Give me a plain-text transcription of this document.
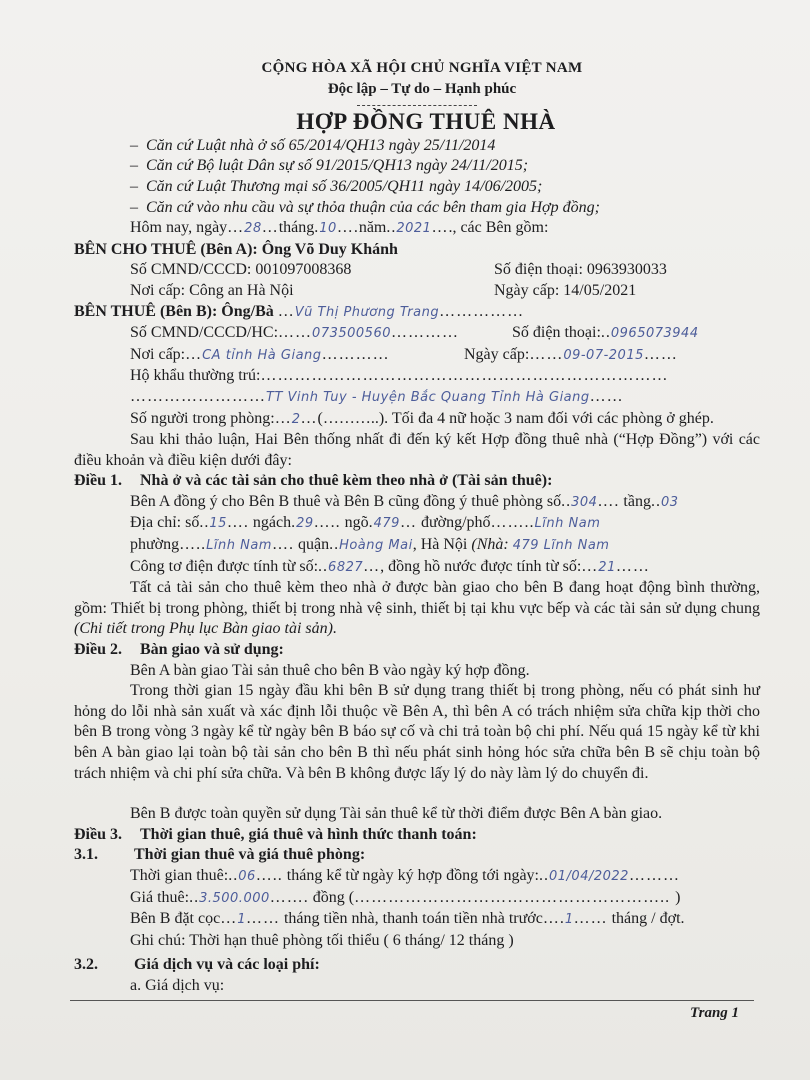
CỘNG HÒA XÃ HỘI CHỦ NGHĨA VIỆT NAM
Độc lập – Tự do – Hạnh phúc
HỢP ĐỒNG THUÊ NHÀ
– Căn cứ Luật nhà ở số 65/2014/QH13 ngày 25/11/2014
– Căn cứ Bộ luật Dân sự số 91/2015/QH13 ngày 24/11/2015;
– Căn cứ Luật Thương mại số 36/2005/QH11 ngày 14/06/2005;
– Căn cứ vào nhu cầu và sự thỏa thuận của các bên tham gia Hợp đồng;
Hôm nay, ngày…28…tháng.10….năm..2021…., các Bên gồm:
BÊN CHO THUÊ (Bên A): Ông Võ Duy Khánh
Số CMND/CCCD: 001097008368	Số điện thoại: 0963930033
Nơi cấp: Công an Hà Nội	Ngày cấp: 14/05/2021
BÊN THUÊ (Bên B): Ông/Bà …Vũ Thị Phương Trang……………
Số CMND/CCCD/HC:……073500560…………	Số điện thoại:..0965073944
Nơi cấp:…CA tỉnh Hà Giang…………	Ngày cấp:……09-07-2015……
Hộ khẩu thường trú:………………………………………………………………
……………………TT Vinh Tuy - Huyện Bắc Quang Tỉnh Hà Giang……
Số người trong phòng:…2…(………..). Tối đa 4 nữ hoặc 3 nam đối với các phòng ở ghép.
Sau khi thảo luận, Hai Bên thống nhất đi đến ký kết Hợp đồng thuê nhà (“Hợp Đồng”) với các điều khoản và điều kiện dưới đây:
Điều 1. Nhà ở và các tài sản cho thuê kèm theo nhà ở (Tài sản thuê):
Bên A đồng ý cho Bên B thuê và Bên B cũng đồng ý thuê phòng số..304…. tầng..03
Địa chỉ: số..15…. ngách.29….. ngõ.479… đường/phố……..Lĩnh Nam
phường…..Lĩnh Nam…. quận..Hoàng Mai, Hà Nội (Nhà: 479 Lĩnh Nam
Công tơ điện được tính từ số:..6827…, đồng hồ nước được tính từ số:…21……
Tất cả tài sản cho thuê kèm theo nhà ở được bàn giao cho bên B đang hoạt động bình thường, gồm: Thiết bị trong phòng, thiết bị trong nhà vệ sinh, thiết bị tại khu vực bếp và các tài sản sử dụng chung (Chi tiết trong Phụ lục Bàn giao tài sản).
Điều 2. Bàn giao và sử dụng:
Bên A bàn giao Tài sản thuê cho bên B vào ngày ký hợp đồng.
Trong thời gian 15 ngày đầu khi bên B sử dụng trang thiết bị trong phòng, nếu có phát sinh hư hỏng do lỗi nhà sản xuất và xác định lỗi thuộc về Bên A, thì bên A có trách nhiệm sửa chữa kịp thời cho bên B trong vòng 3 ngày kể từ ngày bên B báo sự cố và chi trả toàn bộ chi phí. Nếu quá 15 ngày kể từ khi bên A bàn giao lại toàn bộ tài sản cho bên B thì nếu phát sinh hỏng hóc sửa chữa bên B sẽ chịu toàn bộ trách nhiệm và chi phí sửa chữa. Và bên B không được lấy lý do này làm lý do chuyển đi.
Bên B được toàn quyền sử dụng Tài sản thuê kể từ thời điểm được Bên A bàn giao.
Điều 3. Thời gian thuê, giá thuê và hình thức thanh toán:
3.1. Thời gian thuê và giá thuê phòng:
Thời gian thuê:..06….. tháng kể từ ngày ký hợp đồng tới ngày:..01/04/2022………
Giá thuê:..3.500.000……. đồng (……………………………………………….. )
Bên B đặt cọc…1…… tháng tiền nhà, thanh toán tiền nhà trước….1…… tháng / đợt.
Ghi chú: Thời hạn thuê phòng tối thiểu ( 6 tháng/ 12 tháng )
3.2. Giá dịch vụ và các loại phí:
a. Giá dịch vụ:
Trang 1
